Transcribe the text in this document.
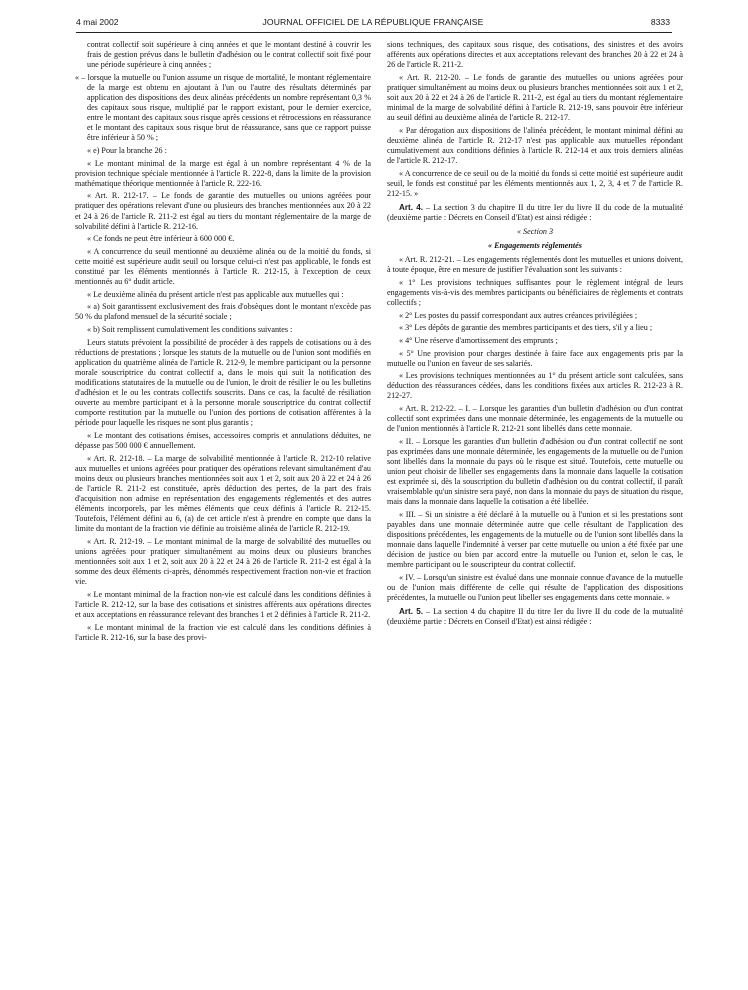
4 mai 2002	JOURNAL OFFICIEL DE LA RÉPUBLIQUE FRANÇAISE	8333

contrat collectif soit supérieure à cinq années et que le montant destiné à couvrir les frais de gestion prévus dans le bulletin d'adhésion ou le contrat collectif soit fixé pour une période supérieure à cinq années ;

« – lorsque la mutuelle ou l'union assume un risque de mortalité, le montant réglementaire de la marge est obtenu en ajoutant à l'un ou l'autre des résultats déterminés par application des dispositions des deux alinéas précédents un nombre représentant 0,3 % des capitaux sous risque, multiplié par le rapport existant, pour le dernier exercice, entre le montant des capitaux sous risque après cessions et rétrocessions en réassurance et le montant des capitaux sous risque brut de réassurance, sans que ce rapport puisse être inférieur à 50 % ;

« e) Pour la branche 26 :

« Le montant minimal de la marge est égal à un nombre représentant 4 % de la provision technique spéciale mentionnée à l'article R. 222-8, dans la limite de la provision mathématique théorique mentionnée à l'article R. 222-16.

« Art. R. 212-17. – Le fonds de garantie des mutuelles ou unions agréées pour pratiquer des opérations relevant d'une ou plusieurs des branches mentionnées aux 20 à 22 et 24 à 26 de l'article R. 211-2 est égal au tiers du montant réglementaire de la marge de solvabilité défini à l'article R. 212-16.

« Ce fonds ne peut être inférieur à 600 000 €.

« A concurrence du seuil mentionné au deuxième alinéa ou de la moitié du fonds, si cette moitié est supérieure audit seuil ou lorsque celui-ci n'est pas applicable, le fonds est constitué par les éléments mentionnés à l'article R. 212-15, à l'exception de ceux mentionnés au 6° dudit article.

« Le deuxième alinéa du présent article n'est pas applicable aux mutuelles qui :

« a) Soit garantissent exclusivement des frais d'obsèques dont le montant n'excède pas 50 % du plafond mensuel de la sécurité sociale ;

« b) Soit remplissent cumulativement les conditions suivantes :

Leurs statuts prévoient la possibilité de procéder à des rappels de cotisations ou à des réductions de prestations ; lorsque les statuts de la mutuelle ou de l'union sont modifiés en application du quatrième alinéa de l'article R. 212-9, le membre participant ou la personne morale souscriptrice du contrat collectif a, dans le mois qui suit la notification des modifications statutaires de la mutuelle ou de l'union, le droit de résilier le ou les bulletins d'adhésion et le ou les contrats collectifs souscrits. Dans ce cas, la faculté de résiliation ouverte au membre participant et à la personne morale souscriptrice du contrat collectif comporte restitution par la mutuelle ou l'union des portions de cotisation afférentes à la période pour laquelle les risques ne sont plus garantis ;

« Le montant des cotisations émises, accessoires compris et annulations déduites, ne dépasse pas 500 000 € annuellement.

« Art. R. 212-18. – La marge de solvabilité mentionnée à l'article R. 212-10 relative aux mutuelles et unions agréées pour pratiquer des opérations relevant simultanément d'au moins deux ou plusieurs branches mentionnées soit aux 1 et 2, soit aux 20 à 22 et 24 à 26 de l'article R. 211-2 est constituée, après déduction des pertes, de la part des frais d'acquisition non admise en représentation des engagements réglementés et des autres éléments incorporels, par les mêmes éléments que ceux définis à l'article R. 212-15. Toutefois, l'élément défini au 6, (a) de cet article n'est à prendre en compte que dans la limite du montant de la fraction vie définie au troisième alinéa de l'article R. 212-19.

« Art. R. 212-19. – Le montant minimal de la marge de solvabilité des mutuelles ou unions agréées pour pratiquer simultanément au moins deux ou plusieurs branches mentionnées soit aux 1 et 2, soit aux 20 à 22 et 24 à 26 de l'article R. 211-2 est égal à la somme des deux éléments ci-après, dénommés respectivement fraction non-vie et fraction vie.

« Le montant minimal de la fraction non-vie est calculé dans les conditions définies à l'article R. 212-12, sur la base des cotisations et sinistres afférents aux opérations directes et aux acceptations en réassurance relevant des branches 1 et 2 définies à l'article R. 211-2.

« Le montant minimal de la fraction vie est calculé dans les conditions définies à l'article R. 212-16, sur la base des provi-

sions techniques, des capitaux sous risque, des cotisations, des sinistres et des avoirs afférents aux opérations directes et aux acceptations relevant des branches 20 à 22 et 24 à 26 de l'article R. 211-2.

« Art. R. 212-20. – Le fonds de garantie des mutuelles ou unions agréées pour pratiquer simultanément au moins deux ou plusieurs branches mentionnées soit aux 1 et 2, soit aux 20 à 22 et 24 à 26 de l'article R. 211-2, est égal au tiers du montant réglementaire minimal de la marge de solvabilité défini à l'article R. 212-19, sans pouvoir être inférieur au seuil défini au deuxième alinéa de l'article R. 212-17.

« Par dérogation aux dispositions de l'alinéa précédent, le montant minimal défini au deuxième alinéa de l'article R. 212-17 n'est pas applicable aux mutuelles répondant cumulativement aux conditions définies à l'article R. 212-14 et aux trois derniers alinéas de l'article R. 212-17.

« A concurrence de ce seuil ou de la moitié du fonds si cette moitié est supérieure audit seuil, le fonds est constitué par les éléments mentionnés aux 1, 2, 3, 4 et 7 de l'article R. 212-15. »

Art. 4. – La section 3 du chapitre II du titre Ier du livre II du code de la mutualité (deuxième partie : Décrets en Conseil d'Etat) est ainsi rédigée :

« Section 3

« Engagements réglementés

« Art. R. 212-21. – Les engagements réglementés dont les mutuelles et unions doivent, à toute époque, être en mesure de justifier l'évaluation sont les suivants :

« 1° Les provisions techniques suffisantes pour le règlement intégral de leurs engagements vis-à-vis des membres participants ou bénéficiaires de règlements et contrats collectifs ;

« 2° Les postes du passif correspondant aux autres créances privilégiées ;

« 3° Les dépôts de garantie des membres participants et des tiers, s'il y a lieu ;

« 4° Une réserve d'amortissement des emprunts ;

« 5° Une provision pour charges destinée à faire face aux engagements pris par la mutuelle ou l'union en faveur de ses salariés.

« Les provisions techniques mentionnées au 1° du présent article sont calculées, sans déduction des réassurances cédées, dans les conditions fixées aux articles R. 212-23 à R. 212-27.

« Art. R. 212-22. – I. – Lorsque les garanties d'un bulletin d'adhésion ou d'un contrat collectif sont exprimées dans une monnaie déterminée, les engagements de la mutuelle ou de l'union mentionnés à l'article R. 212-21 sont libellés dans cette monnaie.

« II. – Lorsque les garanties d'un bulletin d'adhésion ou d'un contrat collectif ne sont pas exprimées dans une monnaie déterminée, les engagements de la mutuelle ou de l'union sont libellés dans la monnaie du pays où le risque est situé. Toutefois, cette mutuelle ou union peut choisir de libeller ses engagements dans la monnaie dans laquelle la cotisation est exprimée si, dès la souscription du bulletin d'adhésion ou du contrat collectif, il paraît vraisemblable qu'un sinistre sera payé, non dans la monnaie du pays de situation du risque, mais dans la monnaie dans laquelle la cotisation a été libellée.

« III. – Si un sinistre a été déclaré à la mutuelle ou à l'union et si les prestations sont payables dans une monnaie déterminée autre que celle résultant de l'application des dispositions précédentes, les engagements de la mutuelle ou de l'union sont libellés dans la monnaie dans laquelle l'indemnité à verser par cette mutuelle ou union a été fixée par une décision de justice ou bien par accord entre la mutuelle ou l'union et, selon le cas, le membre participant ou le souscripteur du contrat collectif.

« IV. – Lorsqu'un sinistre est évalué dans une monnaie connue d'avance de la mutuelle ou de l'union mais différente de celle qui résulte de l'application des dispositions précédentes, la mutuelle ou l'union peut libeller ses engagements dans cette monnaie. »

Art. 5. – La section 4 du chapitre II du titre Ier du livre II du code de la mutualité (deuxième partie : Décrets en Conseil d'Etat) est ainsi rédigée :
